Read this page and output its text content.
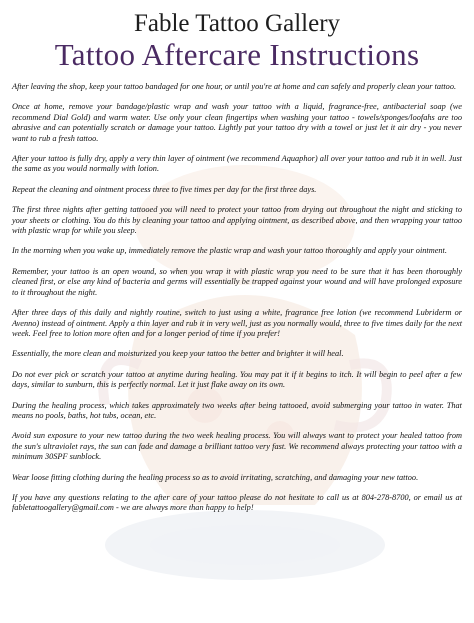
Fable Tattoo Gallery
Tattoo Aftercare Instructions

After leaving the shop, keep your tattoo bandaged for one hour, or until you're at home and can safely and properly clean your tattoo.

Once at home, remove your bandage/plastic wrap and wash your tattoo with a liquid, fragrance-free, antibacterial soap (we recommend Dial Gold) and warm water. Use only your clean fingertips when washing your tattoo - towels/sponges/loofahs are too abrasive and can potentially scratch or damage your tattoo. Lightly pat your tattoo dry with a towel or just let it air dry - you never want to rub a fresh tattoo.

After your tattoo is fully dry, apply a very thin layer of ointment (we recommend Aquaphor) all over your tattoo and rub it in well. Just the same as you would normally with lotion.

Repeat the cleaning and ointment process three to five times per day for the first three days.

The first three nights after getting tattooed you will need to protect your tattoo from drying out throughout the night and sticking to your sheets or clothing. You do this by cleaning your tattoo and applying ointment, as described above, and then wrapping your tattoo with plastic wrap for while you sleep.

In the morning when you wake up, immediately remove the plastic wrap and wash your tattoo thoroughly and apply your ointment.

Remember, your tattoo is an open wound, so when you wrap it with plastic wrap you need to be sure that it has been thoroughly cleaned first, or else any kind of bacteria and germs will essentially be trapped against your wound and will have prolonged exposure to it throughout the night.

After three days of this daily and nightly routine, switch to just using a white, fragrance free lotion (we recommend Lubriderm or Avenno) instead of ointment. Apply a thin layer and rub it in very well, just as you normally would, three to five times daily for the next week. Feel free to lotion more often and for a longer period of time if you prefer!

Essentially, the more clean and moisturized you keep your tattoo the better and brighter it will heal.

Do not ever pick or scratch your tattoo at anytime during healing. You may pat it if it begins to itch. It will begin to peel after a few days, similar to sunburn, this is perfectly normal. Let it just flake away on its own.

During the healing process, which takes approximately two weeks after being tattooed, avoid submerging your tattoo in water. That means no pools, baths, hot tubs, ocean, etc.

Avoid sun exposure to your new tattoo during the two week healing process. You will always want to protect your healed tattoo from the sun's ultraviolet rays, the sun can fade and damage a brilliant tattoo very fast. We recommend always protecting your tattoo with a minimum 30SPF sunblock.

Wear loose fitting clothing during the healing process so as to avoid irritating, scratching, and damaging your new tattoo.

If you have any questions relating to the after care of your tattoo please do not hesitate to call us at 804-278-8700, or email us at fabletattoogallery@gmail.com - we are always more than happy to help!
